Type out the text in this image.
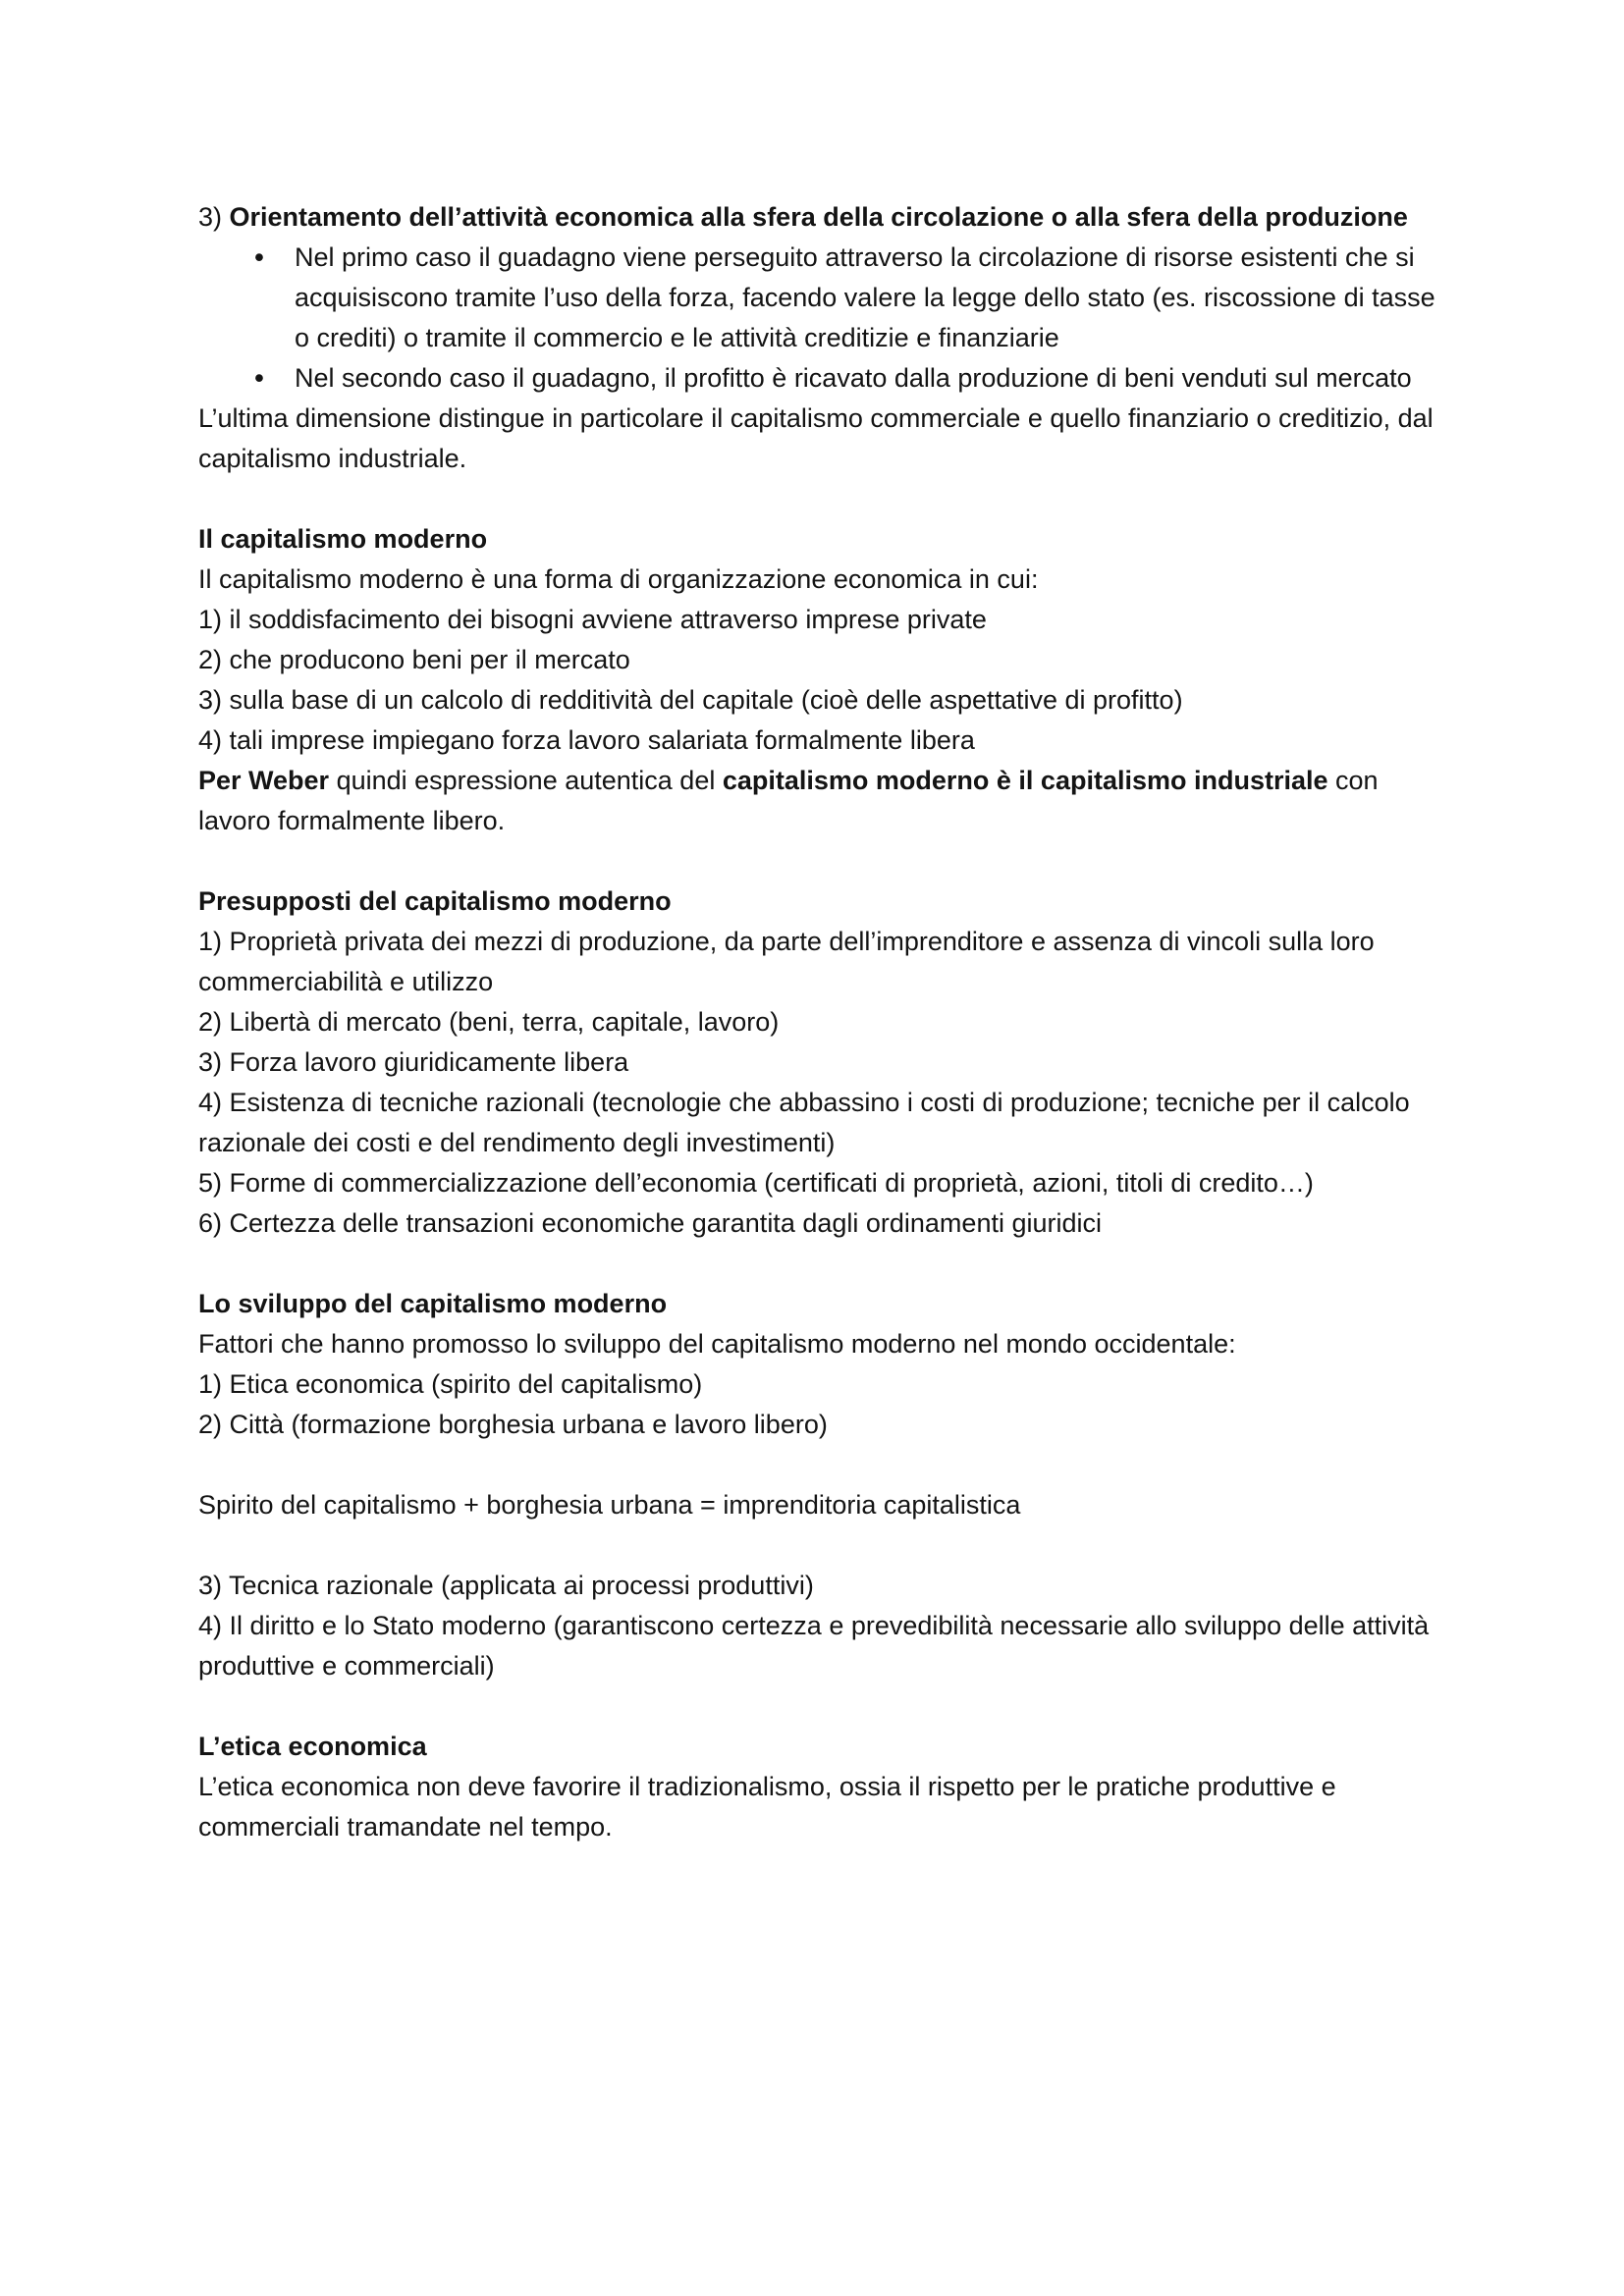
3) Orientamento dell’attività economica alla sfera della circolazione o alla sfera della produzione

• Nel primo caso il guadagno viene perseguito attraverso la circolazione di risorse esistenti che si acquisiscono tramite l’uso della forza, facendo valere la legge dello stato (es. riscossione di tasse o crediti) o tramite il commercio e le attività creditizie e finanziarie
• Nel secondo caso il guadagno, il profitto è ricavato dalla produzione di beni venduti sul mercato

L’ultima dimensione distingue in particolare il capitalismo commerciale e quello finanziario o creditizio, dal capitalismo industriale.

Il capitalismo moderno

Il capitalismo moderno è una forma di organizzazione economica in cui:

1) il soddisfacimento dei bisogni avviene attraverso imprese private

2) che producono beni per il mercato

3) sulla base di un calcolo di redditività del capitale (cioè delle aspettative di profitto)

4) tali imprese impiegano forza lavoro salariata formalmente libera

Per Weber quindi espressione autentica del capitalismo moderno è il capitalismo industriale con lavoro formalmente libero.

Presupposti del capitalismo moderno

1) Proprietà privata dei mezzi di produzione, da parte dell’imprenditore e assenza di vincoli sulla loro commerciabilità e utilizzo

2) Libertà di mercato (beni, terra, capitale, lavoro)

3) Forza lavoro giuridicamente libera

4) Esistenza di tecniche razionali (tecnologie che abbassino i costi di produzione; tecniche per il calcolo razionale dei costi e del rendimento degli investimenti)

5) Forme di commercializzazione dell’economia (certificati di proprietà, azioni, titoli di credito…)

6) Certezza delle transazioni economiche garantita dagli ordinamenti giuridici

Lo sviluppo del capitalismo moderno

Fattori che hanno promosso lo sviluppo del capitalismo moderno nel mondo occidentale:

1) Etica economica (spirito del capitalismo)

2) Città (formazione borghesia urbana e lavoro libero)

Spirito del capitalismo + borghesia urbana = imprenditoria capitalistica

3) Tecnica razionale (applicata ai processi produttivi)

4) Il diritto e lo Stato moderno (garantiscono certezza e prevedibilità necessarie allo sviluppo delle attività produttive e commerciali)

L’etica economica

L’etica economica non deve favorire il tradizionalismo, ossia il rispetto per le pratiche produttive e commerciali tramandate nel tempo.
